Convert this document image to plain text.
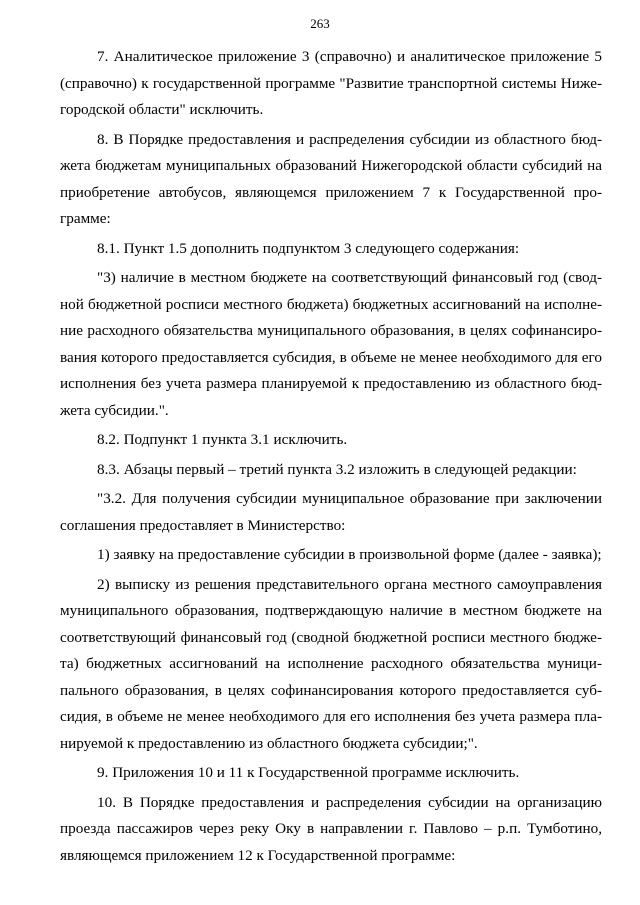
263

7. Аналитическое приложение 3 (справочно) и аналитическое приложение 5 (справочно) к государственной программе "Развитие транспортной системы Нижегородской области" исключить.

8. В Порядке предоставления и распределения субсидии из областного бюджета бюджетам муниципальных образований Нижегородской области субсидий на приобретение автобусов, являющемся приложением 7 к Государственной программе:

8.1. Пункт 1.5 дополнить подпунктом 3 следующего содержания:

"3) наличие в местном бюджете на соответствующий финансовый год (сводной бюджетной росписи местного бюджета) бюджетных ассигнований на исполнение расходного обязательства муниципального образования, в целях софинансирования которого предоставляется субсидия, в объеме не менее необходимого для его исполнения без учета размера планируемой к предоставлению из областного бюджета субсидии.".

8.2. Подпункт 1 пункта 3.1 исключить.

8.3. Абзацы первый – третий пункта 3.2 изложить в следующей редакции:

"3.2. Для получения субсидии муниципальное образование при заключении соглашения предоставляет в Министерство:

1) заявку на предоставление субсидии в произвольной форме (далее - заявка);

2) выписку из решения представительного органа местного самоуправления муниципального образования, подтверждающую наличие в местном бюджете на соответствующий финансовый год (сводной бюджетной росписи местного бюджета) бюджетных ассигнований на исполнение расходного обязательства муниципального образования, в целях софинансирования которого предоставляется субсидия, в объеме не менее необходимого для его исполнения без учета размера планируемой к предоставлению из областного бюджета субсидии;".

9. Приложения 10 и 11 к Государственной программе исключить.

10. В Порядке предоставления и распределения субсидии на организацию проезда пассажиров через реку Оку в направлении г. Павлово – р.п. Тумботино, являющемся приложением 12 к Государственной программе:
